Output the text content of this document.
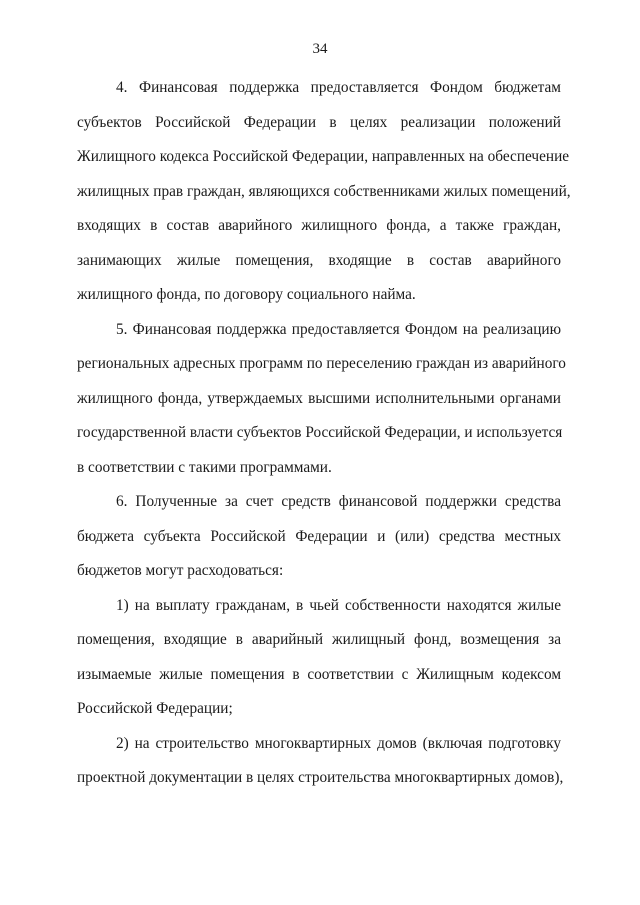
34
4. Финансовая поддержка предоставляется Фондом бюджетам
субъектов Российской Федерации в целях реализации положений
Жилищного кодекса Российской Федерации, направленных на обеспечение
жилищных прав граждан, являющихся собственниками жилых помещений,
входящих в состав аварийного жилищного фонда, а также граждан,
занимающих жилые помещения, входящие в состав аварийного
жилищного фонда, по договору социального найма.
5. Финансовая поддержка предоставляется Фондом на реализацию
региональных адресных программ по переселению граждан из аварийного
жилищного фонда, утверждаемых высшими исполнительными органами
государственной власти субъектов Российской Федерации, и используется
в соответствии с такими программами.
6. Полученные за счет средств финансовой поддержки средства
бюджета субъекта Российской Федерации и (или) средства местных
бюджетов могут расходоваться:
1) на выплату гражданам, в чьей собственности находятся жилые
помещения, входящие в аварийный жилищный фонд, возмещения за
изымаемые жилые помещения в соответствии с Жилищным кодексом
Российской Федерации;
2) на строительство многоквартирных домов (включая подготовку
проектной документации в целях строительства многоквартирных домов),
